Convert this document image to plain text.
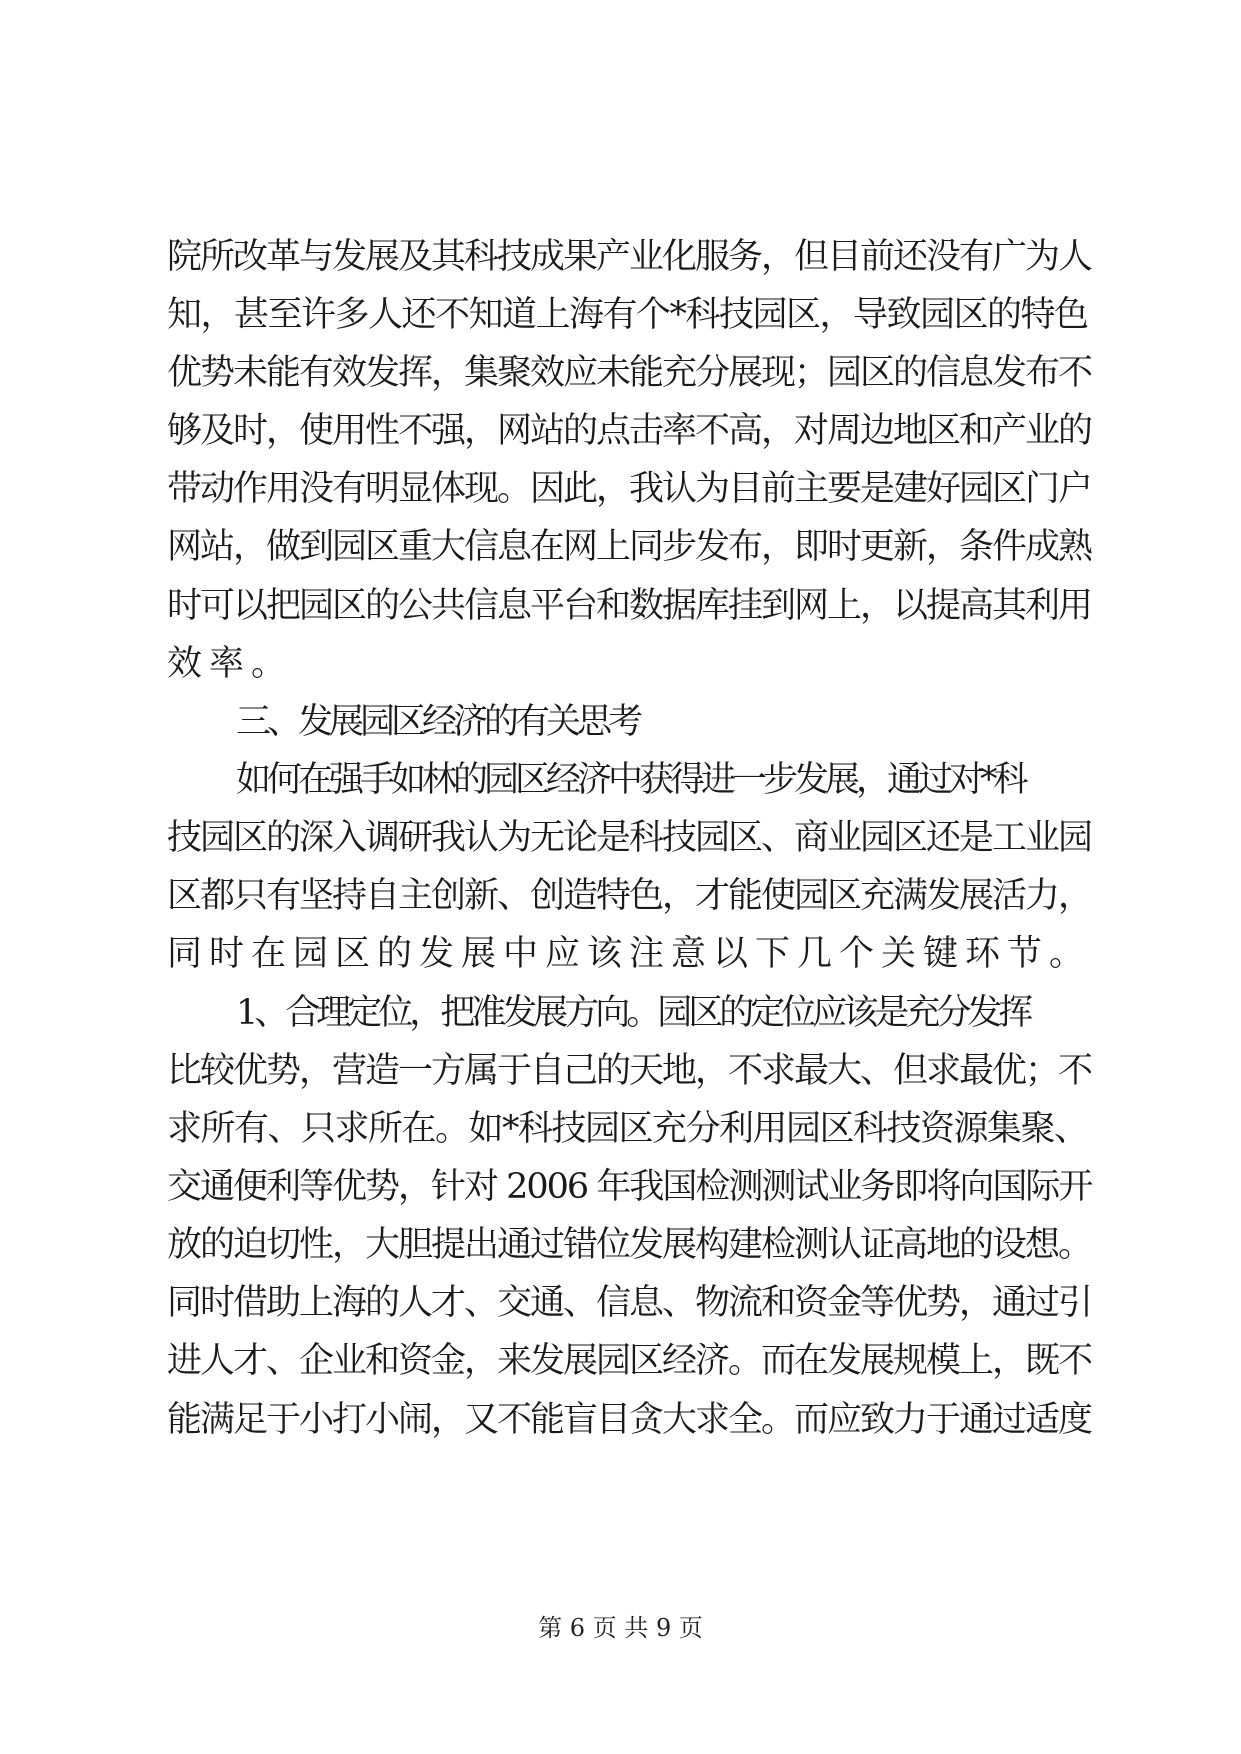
院所改革与发展及其科技成果产业化服务，但目前还没有广为人
知，甚至许多人还不知道上海有个*科技园区，导致园区的特色
优势未能有效发挥，集聚效应未能充分展现；园区的信息发布不
够及时，使用性不强，网站的点击率不高，对周边地区和产业的
带动作用没有明显体现。因此，我认为目前主要是建好园区门户
网站，做到园区重大信息在网上同步发布，即时更新，条件成熟
时可以把园区的公共信息平台和数据库挂到网上，以提高其利用
效率。
三、发展园区经济的有关思考
如何在强手如林的园区经济中获得进一步发展，通过对*科
技园区的深入调研我认为无论是科技园区、商业园区还是工业园
区都只有坚持自主创新、创造特色，才能使园区充满发展活力，
同时在园区的发展中应该注意以下几个关键环节。
1、合理定位，把准发展方向。园区的定位应该是充分发挥
比较优势，营造一方属于自己的天地，不求最大、但求最优；不
求所有、只求所在。如*科技园区充分利用园区科技资源集聚、
交通便利等优势，针对 2006 年我国检测测试业务即将向国际开
放的迫切性，大胆提出通过错位发展构建检测认证高地的设想。
同时借助上海的人才、交通、信息、物流和资金等优势，通过引
进人才、企业和资金，来发展园区经济。而在发展规模上，既不
能满足于小打小闹，又不能盲目贪大求全。而应致力于通过适度
第 6 页 共 9 页
